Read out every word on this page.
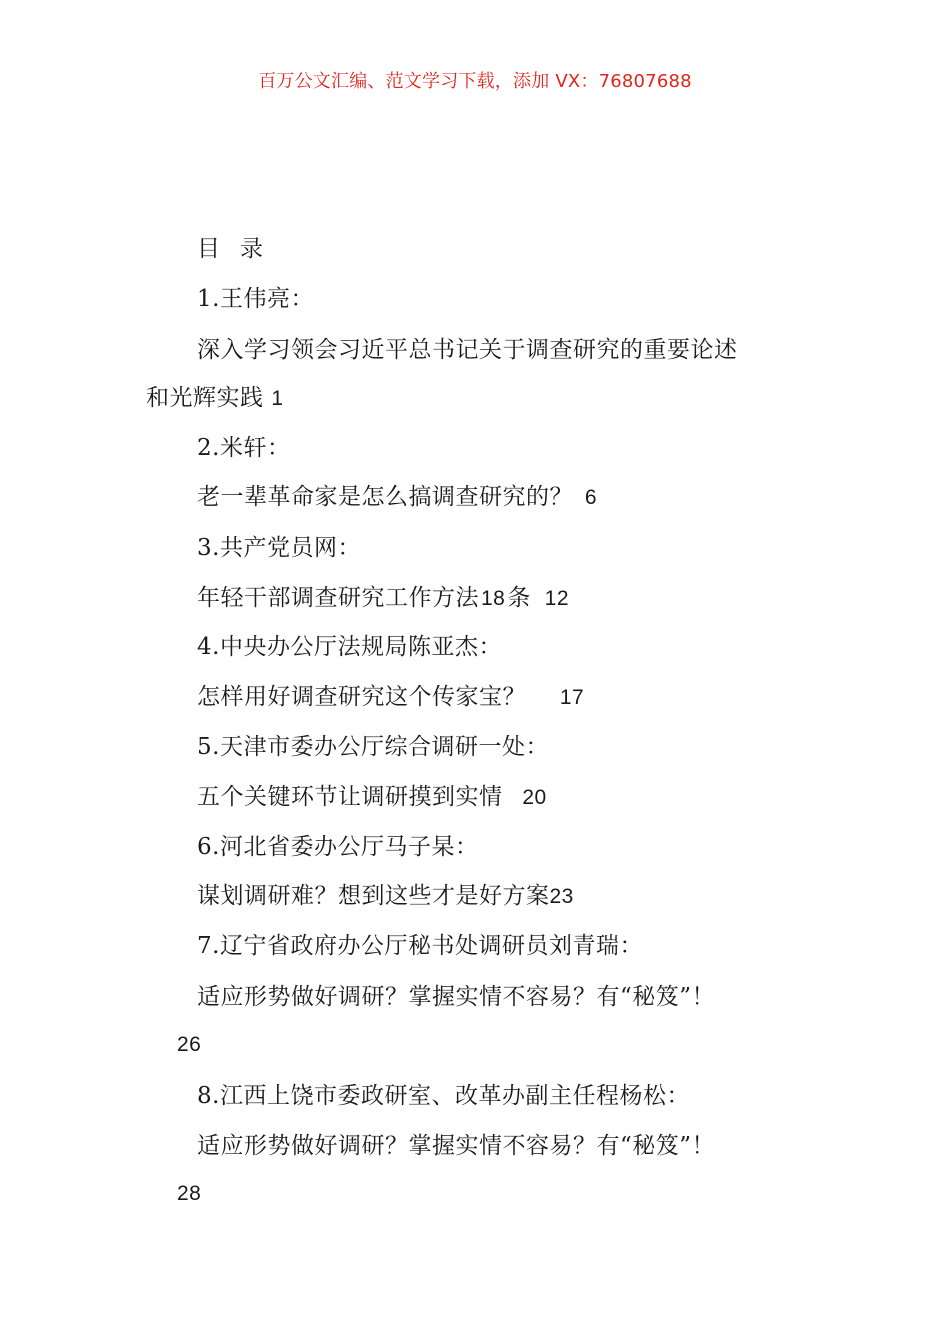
百万公文汇编、范文学习下载，添加 VX：76807688
目 录
1.王伟亮：
深入学习领会习近平总书记关于调查研究的重要论述
和光辉实践 1
2.米轩：
老一辈革命家是怎么搞调查研究的？ 6
3.共产党员网：
年轻干部调查研究工作方法18条 12
4.中央办公厅法规局陈亚杰：
怎样用好调查研究这个传家宝？ 17
5.天津市委办公厅综合调研一处：
五个关键环节让调研摸到实情 20
6.河北省委办公厅马子杲：
谋划调研难？想到这些才是好方案23
7.辽宁省政府办公厅秘书处调研员刘青瑞：
适应形势做好调研？掌握实情不容易？有“秘笈”！
26
8.江西上饶市委政研室、改革办副主任程杨松：
适应形势做好调研？掌握实情不容易？有“秘笈”！
28
